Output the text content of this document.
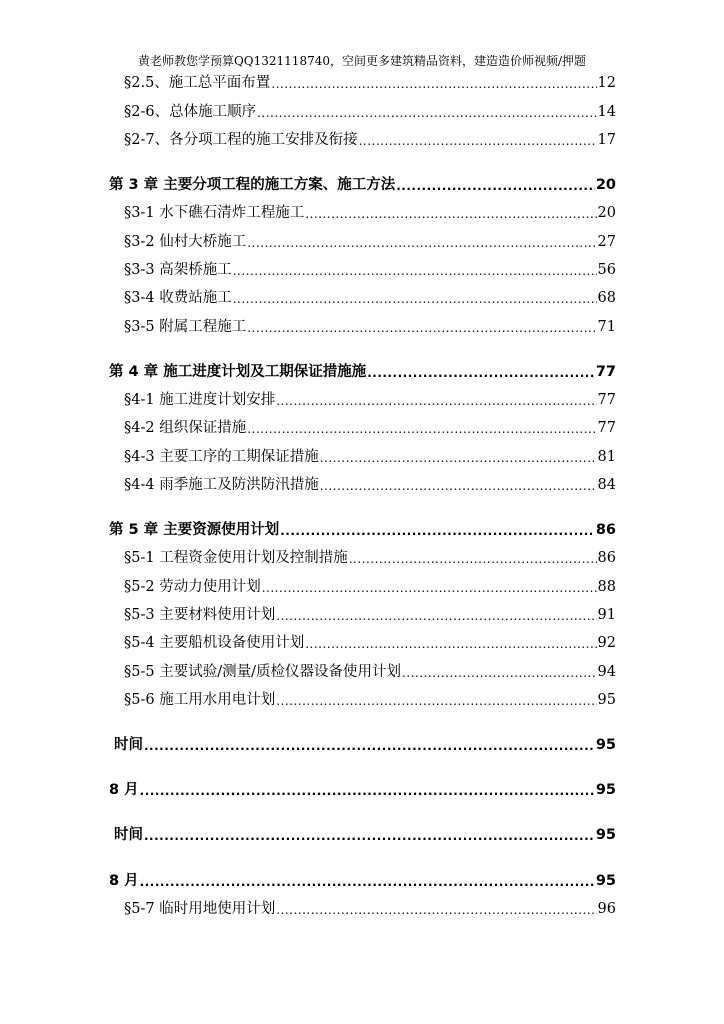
黄老师教您学预算QQ1321118740，空间更多建筑精品资料，建造造价师视频/押题
§2.5、施工总平面布置 .....	12
§2-6、总体施工顺序 .....	14
§2-7、各分项工程的施工安排及衔接 .....	17
第 3 章 主要分项工程的施工方案、施工方法 .....	20
§3-1 水下礁石清炸工程施工 .....	20
§3-2 仙村大桥施工 .....	27
§3-3 高架桥施工 .....	56
§3-4 收费站施工 .....	68
§3-5 附属工程施工 .....	71
第 4 章 施工进度计划及工期保证措施施 .....	77
§4-1 施工进度计划安排 .....	77
§4-2 组织保证措施 .....	77
§4-3 主要工序的工期保证措施 .....	81
§4-4 雨季施工及防洪防汛措施 .....	84
第 5 章 主要资源使用计划 .....	86
§5-1 工程资金使用计划及控制措施 .....	86
§5-2 劳动力使用计划 .....	88
§5-3 主要材料使用计划 .....	91
§5-4 主要船机设备使用计划 .....	92
§5-5 主要试验/测量/质检仪器设备使用计划 .....	94
§5-6 施工用水用电计划 .....	95
时间 .....	95
8 月 .....	95
时间 .....	95
8 月 .....	95
§5-7 临时用地使用计划 .....	96
